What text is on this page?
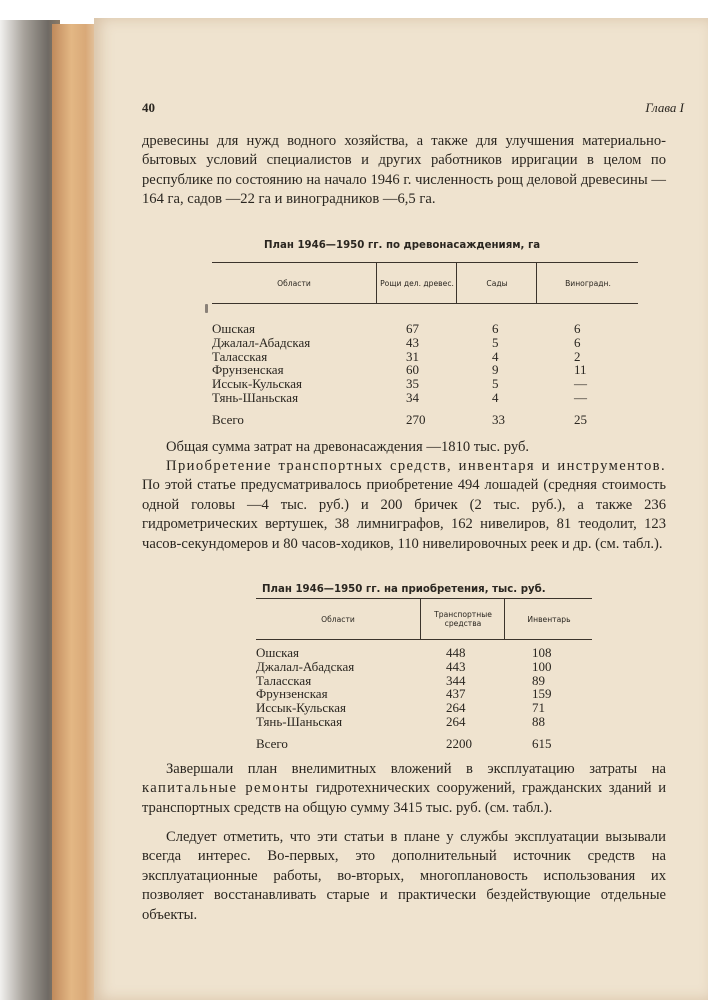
40	Глава I

древесины для нужд водного хозяйства, а также для улучшения материально-бытовых условий специалистов и других работников ирригации в целом по республике по состоянию на начало 1946 г. численность рощ деловой древесины —164 га, садов —22 га и виноградников —6,5 га.

План 1946—1950 гг. по древонасаждениям, га
Области	Рощи дел. древес.	Сады	Виноградн.
Ошская	67	6	6
Джалал-Абадская	43	5	6
Таласская	31	4	2
Фрунзенская	60	9	11
Иссык-Кульская	35	5	—
Тянь-Шаньская	34	4	—
Всего	270	33	25

Общая сумма затрат на древонасаждения —1810 тыс. руб.

Приобретение транспортных средств, инвентаря и инструментов. По этой статье предусматривалось приобретение 494 лошадей (средняя стоимость одной головы —4 тыс. руб.) и 200 бричек (2 тыс. руб.), а также 236 гидрометрических вертушек, 38 лимниграфов, 162 нивелиров, 81 теодолит, 123 часов-секундомеров и 80 часов-ходиков, 110 нивелировочных реек и др. (см. табл.).

План 1946—1950 гг. на приобретения, тыс. руб.
Области	Транспортные средства	Инвентарь
Ошская	448	108
Джалал-Абадская	443	100
Таласская	344	89
Фрунзенская	437	159
Иссык-Кульская	264	71
Тянь-Шаньская	264	88
Всего	2200	615

Завершали план внелимитных вложений в эксплуатацию затраты на капитальные ремонты гидротехнических сооружений, гражданских зданий и транспортных средств на общую сумму 3415 тыс. руб. (см. табл.).

Следует отметить, что эти статьи в плане у службы эксплуатации вызывали всегда интерес. Во-первых, это дополнительный источник средств на эксплуатационные работы, во-вторых, многоплановость использования их позволяет восстанавливать старые и практически бездействующие отдельные объекты.
